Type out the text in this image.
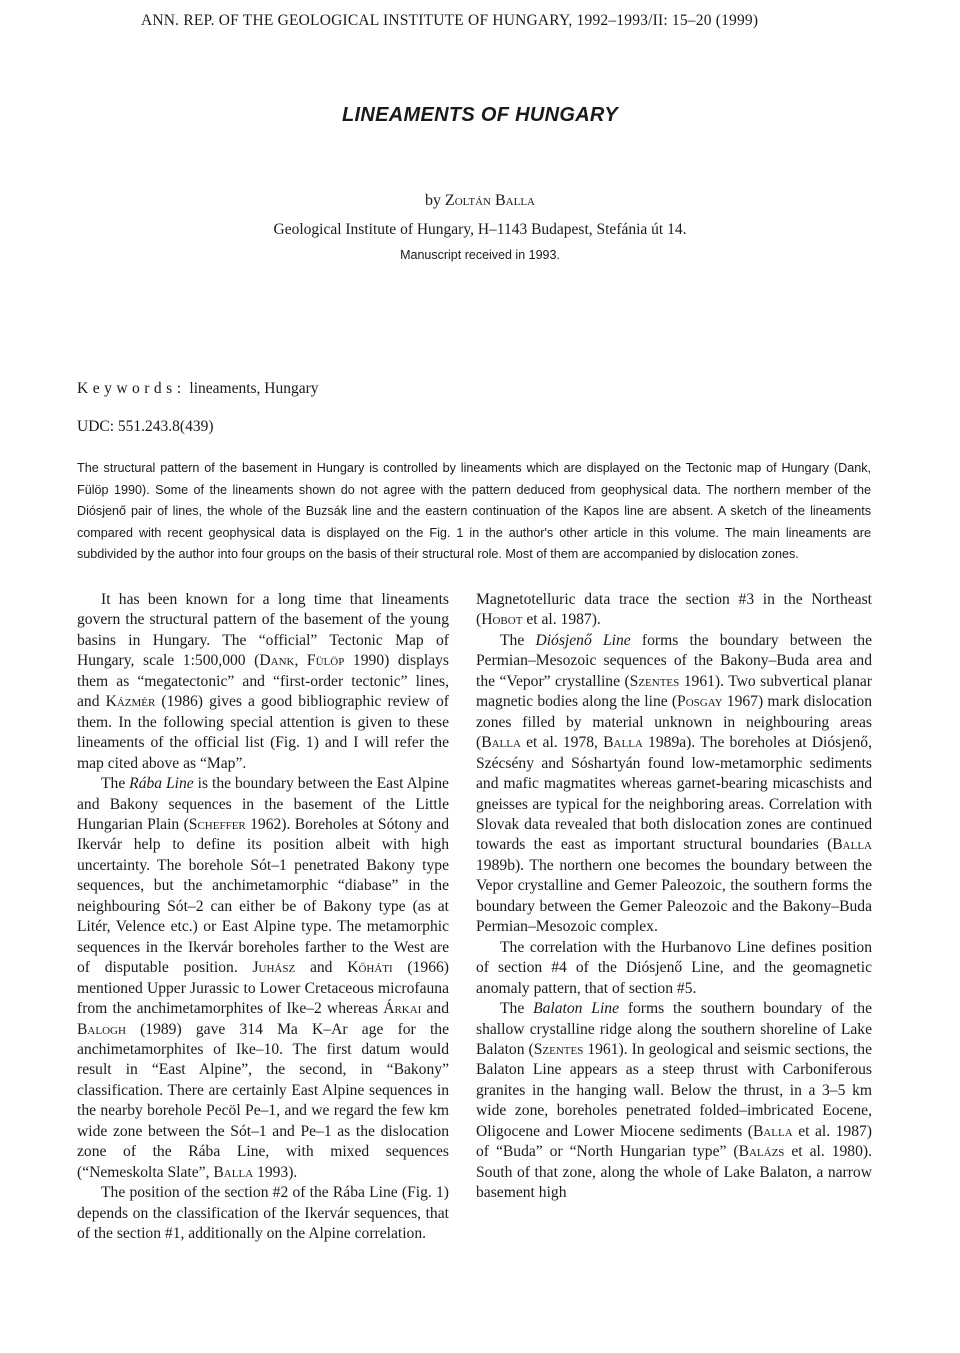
ANN. REP. OF THE GEOLOGICAL INSTITUTE OF HUNGARY, 1992–1993/II: 15–20 (1999)
LINEAMENTS OF HUNGARY
by Zoltán Balla
Geological Institute of Hungary, H–1143 Budapest, Stefánia út 14.
Manuscript received in 1993.
Keywords: lineaments, Hungary
UDC: 551.243.8(439)

The structural pattern of the basement in Hungary is controlled by lineaments which are displayed on the Tectonic map of Hungary (Dank, Fülöp 1990). Some of the lineaments shown do not agree with the pattern deduced from geophysical data. The northern member of the Diósjenő pair of lines, the whole of the Buzsák line and the eastern continuation of the Kapos line are absent. A sketch of the lineaments compared with recent geophysical data is displayed on the Fig. 1 in the author's other article in this volume. The main lineaments are subdivided by the author into four groups on the basis of their structural role. Most of them are accompanied by dislocation zones.

It has been known for a long time that lineaments govern the structural pattern of the basement of the young basins in Hungary. The “official” Tectonic Map of Hungary, scale 1:500,000 (Dank, Fülöp 1990) displays them as “megatectonic” and “first-order tectonic” lines, and Kázmér (1986) gives a good bibliographic review of them. In the following special attention is given to these lineaments of the official list (Fig. 1) and I will refer the map cited above as “Map”.

The Rába Line is the boundary between the East Alpine and Bakony sequences in the basement of the Little Hungarian Plain (Scheffer 1962). Boreholes at Sótony and Ikervár help to define its position albeit with high uncertainty. The borehole Sót–1 penetrated Bakony type sequences, but the anchimetamorphic “diabase” in the neighbouring Sót–2 can either be of Bakony type (as at Litér, Velence etc.) or East Alpine type. The metamorphic sequences in the Ikervár boreholes farther to the West are of disputable position. Juhász and Kőháti (1966) mentioned Upper Jurassic to Lower Cretaceous microfauna from the anchimetamorphites of Ike–2 whereas Árkai and Balogh (1989) gave 314 Ma K–Ar age for the anchimetamorphites of Ike–10. The first datum would result in “East Alpine”, the second, in “Bakony” classification. There are certainly East Alpine sequences in the nearby borehole Pecöl Pe–1, and we regard the few km wide zone between the Sót–1 and Pe–1 as the dislocation zone of the Rába Line, with mixed sequences (“Nemeskolta Slate”, Balla 1993).

The position of the section #2 of the Rába Line (Fig. 1) depends on the classification of the Ikervár sequences, that of the section #1, additionally on the Alpine correlation.

Magnetotelluric data trace the section #3 in the Northeast (Hobot et al. 1987).

The Diósjenő Line forms the boundary between the Permian–Mesozoic sequences of the Bakony–Buda area and the “Vepor” crystalline (Szentes 1961). Two subvertical planar magnetic bodies along the line (Posgay 1967) mark dislocation zones filled by material unknown in neighbouring areas (Balla et al. 1978, Balla 1989a). The boreholes at Diósjenő, Szécsény and Sóshartyán found low-metamorphic sediments and mafic magmatites whereas garnet-bearing micaschists and gneisses are typical for the neighboring areas. Correlation with Slovak data revealed that both dislocation zones are continued towards the east as important structural boundaries (Balla 1989b). The northern one becomes the boundary between the Vepor crystalline and Gemer Paleozoic, the southern forms the boundary between the Gemer Paleozoic and the Bakony–Buda Permian–Mesozoic complex.

The correlation with the Hurbanovo Line defines position of section #4 of the Diósjenő Line, and the geomagnetic anomaly pattern, that of section #5.

The Balaton Line forms the southern boundary of the shallow crystalline ridge along the southern shoreline of Lake Balaton (Szentes 1961). In geological and seismic sections, the Balaton Line appears as a steep thrust with Carboniferous granites in the hanging wall. Below the thrust, in a 3–5 km wide zone, boreholes penetrated folded–imbricated Eocene, Oligocene and Lower Miocene sediments (Balla et al. 1987) of “Buda” or “North Hungarian type” (Balázs et al. 1980). South of that zone, along the whole of Lake Balaton, a narrow basement high
